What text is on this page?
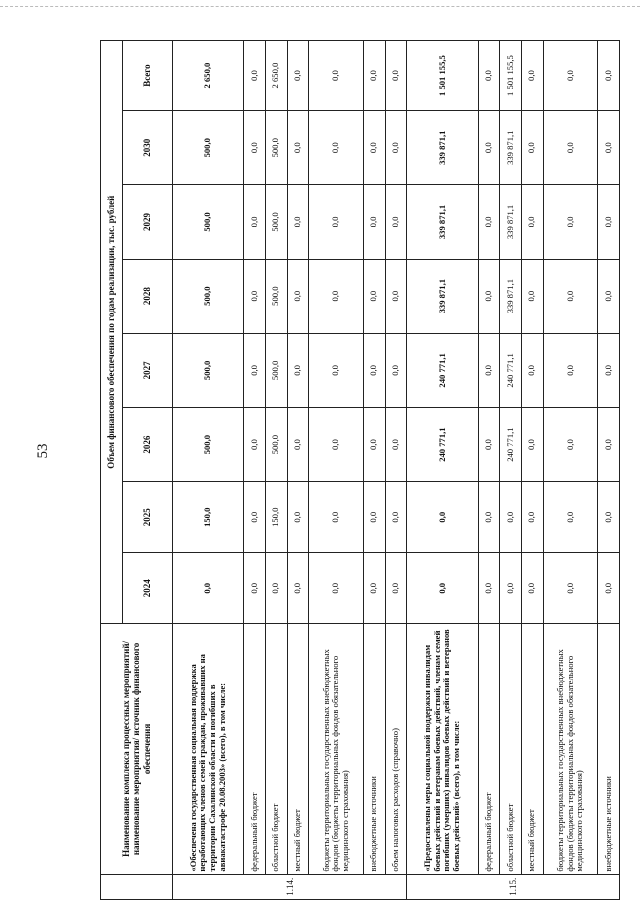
53
	Наименование комплекса процессных мероприятий/наименование мероприятия/ источник финансового обеспечения	Объем финансового обеспечения по годам реализации, тыс. рублей							
		2024	2025	2026	2027	2028	2029	2030	Всего
1.14.	«Обеспечена государственная социальная поддержка неработающих членов семей граждан, проживавших на территории Сахалинской области и погибших в авиакатастрофе 20.08.2003» (всего), в том числе:	0,0	150,0	500,0	500,0	500,0	500,0	500,0	2 650,0
	федеральный бюджет	0,0	0,0	0,0	0,0	0,0	0,0	0,0	0,0
	областной бюджет	0,0	150,0	500,0	500,0	500,0	500,0	500,0	2 650,0
	местный бюджет	0,0	0,0	0,0	0,0	0,0	0,0	0,0	0,0
	бюджеты территориальных государственных внебюджетных фондов (бюджеты территориальных фондов обязательного медицинского страхования)	0,0	0,0	0,0	0,0	0,0	0,0	0,0	0,0
	внебюджетные источники	0,0	0,0	0,0	0,0	0,0	0,0	0,0	0,0
	объем налоговых расходов (справочно)	0,0	0,0	0,0	0,0	0,0	0,0	0,0	0,0
1.15.	«Предоставлены меры социальной поддержки инвалидам боевых действий и ветеранам боевых действий, членам семей погибших (умерших) инвалидов боевых действий и ветеранов боевых действий» (всего), в том числе:	0,0	0,0	240 771,1	240 771,1	339 871,1	339 871,1	339 871,1	1 501 155,5
	федеральный бюджет	0,0	0,0	0,0	0,0	0,0	0,0	0,0	0,0
	областной бюджет	0,0	0,0	240 771,1	240 771,1	339 871,1	339 871,1	339 871,1	1 501 155,5
	местный бюджет	0,0	0,0	0,0	0,0	0,0	0,0	0,0	0,0
	бюджеты территориальных государственных внебюджетных фондов (бюджеты территориальных фондов обязательного медицинского страхования)	0,0	0,0	0,0	0,0	0,0	0,0	0,0	0,0
	внебюджетные источники	0,0	0,0	0,0	0,0	0,0	0,0	0,0	0,0
